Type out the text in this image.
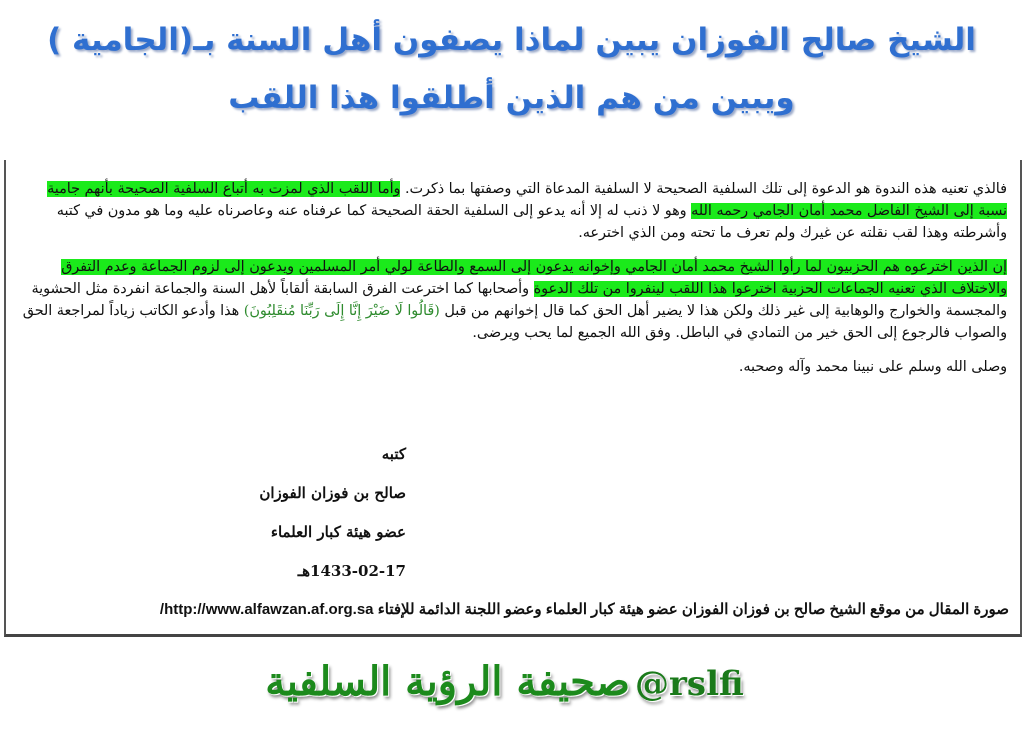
الشيخ صالح الفوزان يبين لماذا يصفون أهل السنة بـ(الجامية )
ويبين من هم الذين أطلقوا هذا اللقب

فالذي تعنيه هذه الندوة هو الدعوة إلى تلك السلفية الصحيحة لا السلفية المدعاة التي وصفتها بما ذكرت. وأما اللقب الذي لمزت به أتباع السلفية الصحيحة بأنهم جامية نسبة إلى الشيخ الفاضل محمد أمان الجامي رحمه الله وهو لا ذنب له إلا أنه يدعو إلى السلفية الحقة الصحيحة كما عرفناه عنه وعاصرناه عليه وما هو مدون في كتبه وأشرطته وهذا لقب نقلته عن غيرك ولم تعرف ما تحته ومن الذي اخترعه.

إن الذين اخترعوه هم الحزبيون لما رأوا الشيخ محمد أمان الجامي وإخوانه يدعون إلى السمع والطاعة لولي أمر المسلمين ويدعون إلى لزوم الجماعة وعدم التفرق والاختلاف الذي تعنيه الجماعات الحزبية اخترعوا هذا اللقب لينفروا من تلك الدعوة وأصحابها كما اخترعت الفرق السابقة ألقاباً لأهل السنة والجماعة انفردة مثل الحشوية والمجسمة والخوارج والوهابية إلى غير ذلك ولكن هذا لا يضير أهل الحق كما قال إخوانهم من قبل (قَالُوا لَا ضَيْرَ إِنَّا إِلَى رَبِّنَا مُنقَلِبُونَ) هذا وأدعو الكاتب زياداً لمراجعة الحق والصواب فالرجوع إلى الحق خير من التمادي في الباطل. وفق الله الجميع لما يحب ويرضى.

وصلى الله وسلم على نبينا محمد وآله وصحبه.

كتبه
صالح بن فوزان الفوزان
عضو هيئة كبار العلماء
1433-02-17هـ
صورة المقال من موقع الشيخ صالح بن فوزان الفوزان عضو هيئة كبار العلماء وعضو اللجنة الدائمة للإفتاء http://www.alfawzan.af.org.sa/
صحيفة الرؤية السلفية @rslfi
